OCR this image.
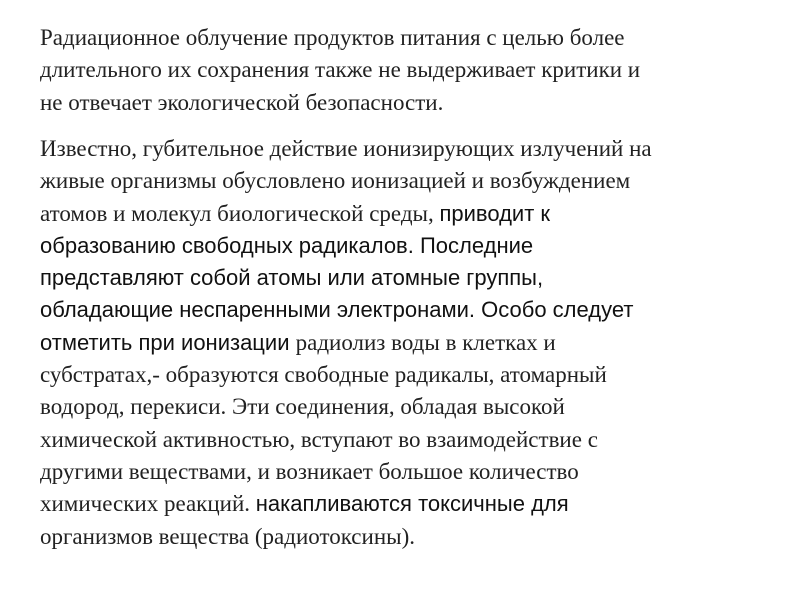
Радиационное облучение продуктов питания с целью более
длительного их сохранения также не выдерживает критики и
не отвечает экологической безопасности.

Известно, губительное действие ионизирующих излучений на
живые организмы обусловлено ионизацией и возбуждением
атомов и молекул биологической среды, приводит к
образованию свободных радикалов. Последние
представляют собой атомы или атомные группы,
обладающие неспаренными электронами. Особо следует
отметить при ионизации радиолиз воды в клетках и
субстратах,- образуются свободные радикалы, атомарный
водород, перекиси. Эти соединения, обладая высокой
химической активностью, вступают во взаимодействие с
другими веществами, и возникает большое количество
химических реакций. накапливаются токсичные для
организмов вещества (радиотоксины).
